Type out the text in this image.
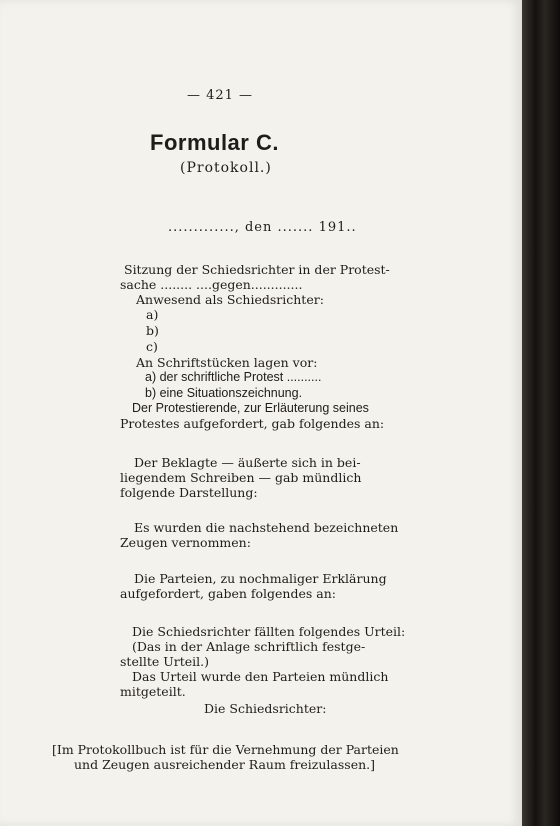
— 421 —
Formular C.
(Protokoll.)
............., den ....... 191..
Sitzung der Schiedsrichter in der Protest-
sache ........ ....gegen.............
Anwesend als Schiedsrichter:
a)
b)
c)
An Schriftstücken lagen vor:
a) der schriftliche Protest ..........
b) eine Situationszeichnung.
Der Protestierende, zur Erläuterung seines
Protestes aufgefordert, gab folgendes an:
Der Beklagte — äußerte sich in bei-
liegendem Schreiben — gab mündlich
folgende Darstellung:
Es wurden die nachstehend bezeichneten
Zeugen vernommen:
Die Parteien, zu nochmaliger Erklärung
aufgefordert, gaben folgendes an:
Die Schiedsrichter fällten folgendes Urteil:
(Das in der Anlage schriftlich festge-
stellte Urteil.)
Das Urteil wurde den Parteien mündlich
mitgeteilt.
Die Schiedsrichter:
[Im Protokollbuch ist für die Vernehmung der Parteien
und Zeugen ausreichender Raum freizulassen.]
